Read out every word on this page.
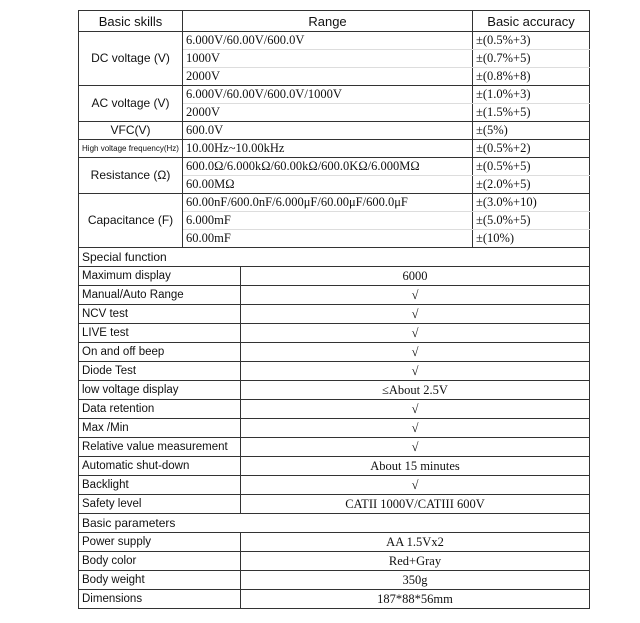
Basic skills	Range		Basic accuracy
DC voltage (V)	6.000V/60.00V/600.0V		±(0.5%+3)
	1000V		±(0.7%+5)
	2000V		±(0.8%+8)
AC voltage (V)	6.000V/60.00V/600.0V/1000V		±(1.0%+3)
	2000V		±(1.5%+5)
VFC(V)	600.0V		±(5%)
High voltage frequency(Hz)	10.00Hz~10.00kHz		±(0.5%+2)
Resistance (Ω)	600.0Ω/6.000kΩ/60.00kΩ/600.0KΩ/6.000MΩ		±(0.5%+5)
	60.00MΩ		±(2.0%+5)
Capacitance (F)	60.00nF/600.0nF/6.000μF/60.00μF/600.0μF		±(3.0%+10)
	6.000mF		±(5.0%+5)
	60.00mF		±(10%)
Special function			
Maximum display		6000	
Manual/Auto Range		√	
NCV test		√	
LIVE test		√	
On and off beep		√	
Diode Test		√	
low voltage display		≤About 2.5V	
Data retention		√	
Max /Min		√	
Relative value measurement		√	
Automatic shut-down		About 15 minutes	
Backlight		√	
Safety level		CATII 1000V/CATIII 600V	
Basic parameters			
Power supply		AA 1.5Vx2	
Body color		Red+Gray	
Body weight		350g	
Dimensions		187*88*56mm	
